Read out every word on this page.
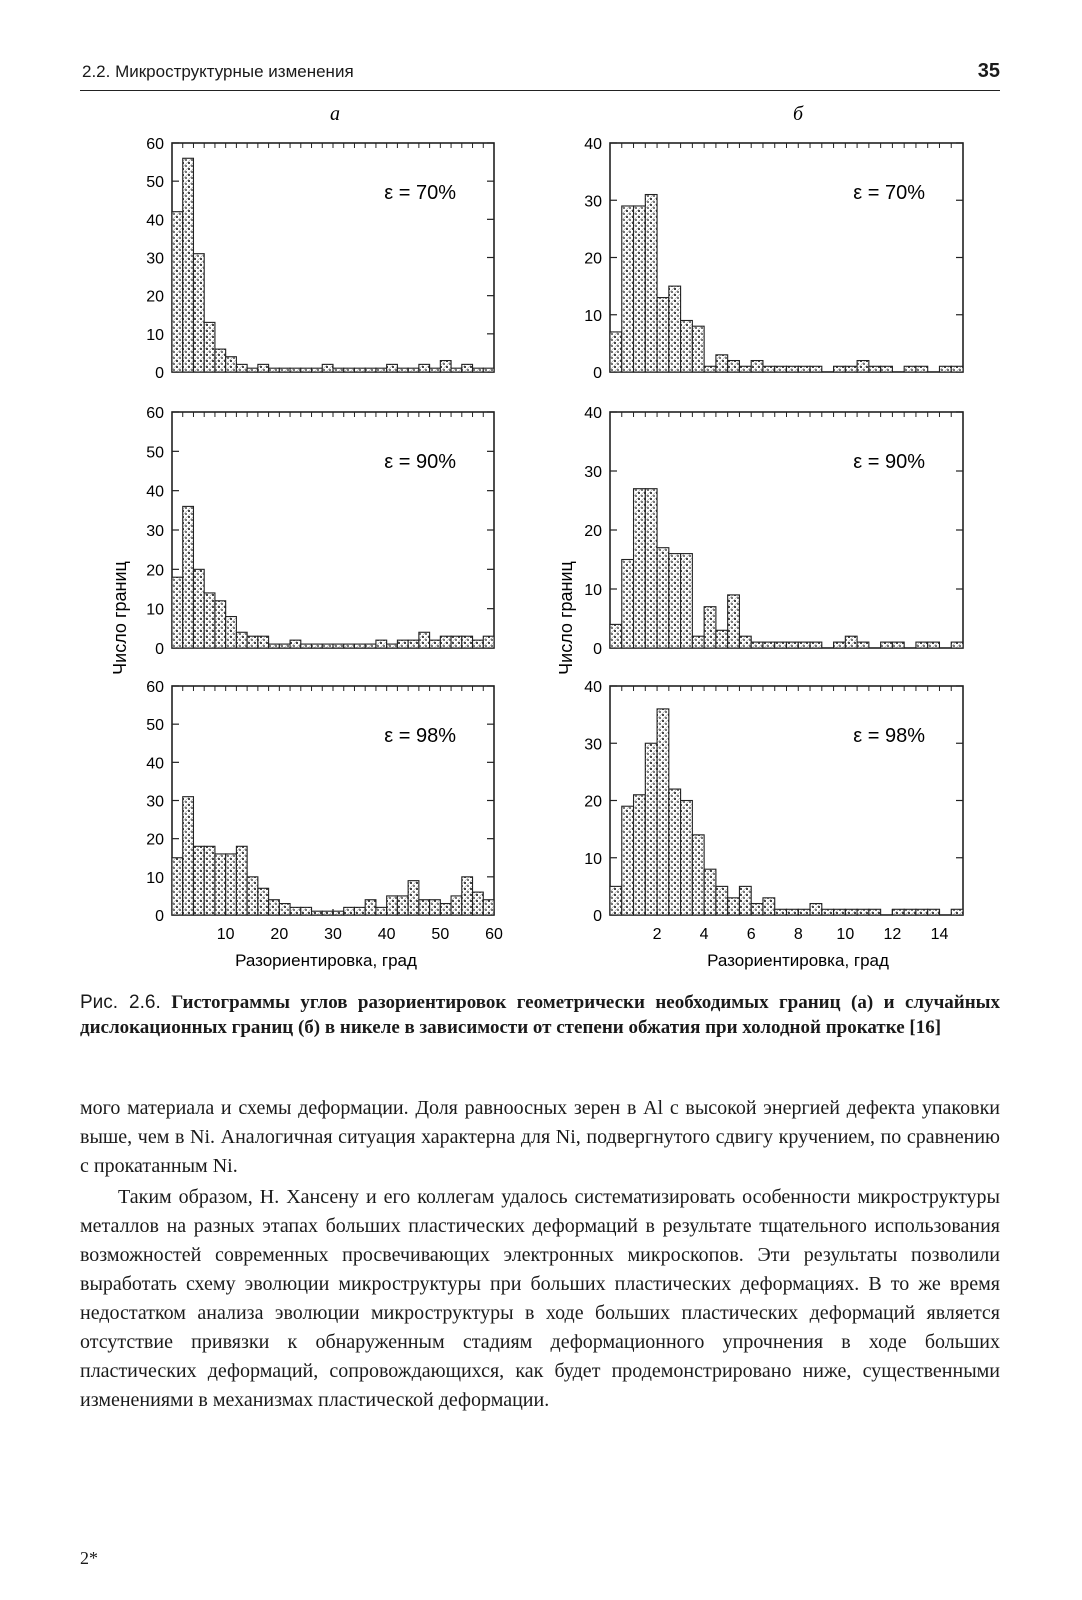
2.2. Микроструктурные изменения	35
а	б
Число границ	Число границ
Разориентировка, град	Разориентировка, град
0
10
20
30
40
50
60
ε = 70%
0
10
20
30
40
ε = 70%
0
10
20
30
40
50
60
ε = 90%
0
10
20
30
40
ε = 90%
0
10
20
30
40
50
60
10 20 30 40 50 60
ε = 98%
0
10
20
30
40
2 4 6 8 10 12 14
ε = 98%
Рис. 2.6. Гистограммы углов разориентировок геометрически необходимых границ (а) и случайных дислокационных границ (б) в никеле в зависимости от степени обжатия при холодной прокатке [16]

мого материала и схемы деформации. Доля равноосных зерен в Al с высокой энергией дефекта упаковки выше, чем в Ni. Аналогичная ситуация характерна для Ni, подвергнутого сдвигу кручением, по сравнению с прокатанным Ni.

Таким образом, Н. Хансену и его коллегам удалось систематизировать особенности микроструктуры металлов на разных этапах больших пластических деформаций в результате тщательного использования возможностей современных просвечивающих электронных микроскопов. Эти результаты позволили выработать схему эволюции микроструктуры при больших пластических деформациях. В то же время недостатком анализа эволюции микроструктуры в ходе больших пластических деформаций является отсутствие привязки к обнаруженным стадиям деформационного упрочнения в ходе больших пластических деформаций, сопровождающихся, как будет продемонстрировано ниже, существенными изменениями в механизмах пластической деформации.

2*
